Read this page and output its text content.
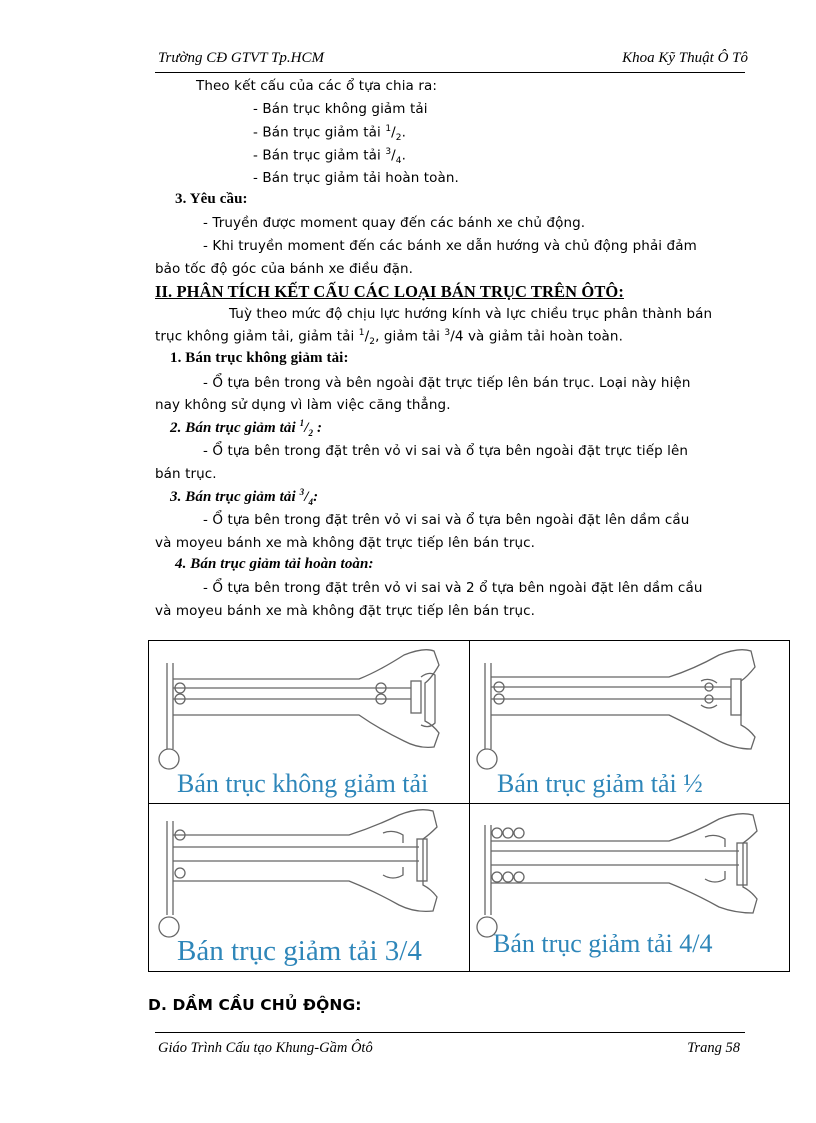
Trường CĐ GTVT Tp.HCM	Khoa Kỹ Thuật Ô Tô
Theo kết cấu của các ổ tựa chia ra:
- Bán trục không giảm tải
- Bán trục giảm tải $^1/_2$.
- Bán trục giảm tải $^3/_4$.
- Bán trục giảm tải hoàn toàn.
3. Yêu cầu:
- Truyền được moment quay đến các bánh xe chủ động.
- Khi truyền moment đến các bánh xe dẫn hướng và chủ động phải đảm
bảo tốc độ góc của bánh xe điều đặn.
II. PHÂN TÍCH KẾT CẤU CÁC LOẠI BÁN TRỤC TRÊN ÔTÔ:
Tuỳ theo mức độ chịu lực hướng kính và lực chiều trục phân thành bán
trục không giảm tải, giảm tải $^1/_2$, giảm tải $^3$/4 và giảm tải hoàn toàn.
1. Bán trục không giảm tải:
- Ổ tựa bên trong và bên ngoài đặt trực tiếp lên bán trục. Loại này hiện
nay không sử dụng vì làm việc căng thẳng.
2. Bán trục giảm tải $^1/_2$ :
- Ổ tựa bên trong đặt trên vỏ vi sai và ổ tựa bên ngoài đặt trực tiếp lên
bán trục.
3. Bán trục giảm tải $^3/_4$:
- Ổ tựa bên trong đặt trên vỏ vi sai và ổ tựa bên ngoài đặt lên dầm cầu
và moyeu bánh xe mà không đặt trực tiếp lên bán trục.
4. Bán trục giảm tải hoàn toàn:
- Ổ tựa bên trong đặt trên vỏ vi sai và 2 ổ tựa bên ngoài đặt lên dầm cầu
và moyeu bánh xe mà không đặt trực tiếp lên bán trục.
Bán trục không giảm tải	Bán trục giảm tải ½
Bán trục giảm tải 3/4	Bán trục giảm tải 4/4
D. DẦM CẦU CHỦ ĐỘNG:
Giáo Trình Cấu tạo Khung-Gầm Ôtô	Trang 58
